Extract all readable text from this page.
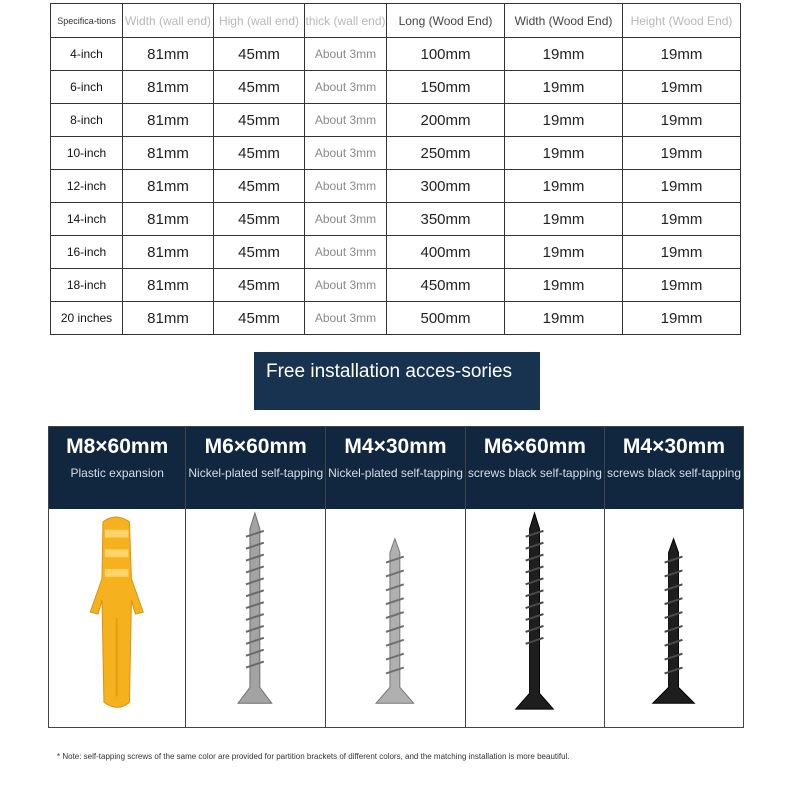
Specifica-tions	Width (wall end)	High (wall end)	thick (wall end)	Long (Wood End)	Width (Wood End)	Height (Wood End)
4-inch	81mm	45mm	About 3mm	100mm	19mm	19mm
6-inch	81mm	45mm	About 3mm	150mm	19mm	19mm
8-inch	81mm	45mm	About 3mm	200mm	19mm	19mm
10-inch	81mm	45mm	About 3mm	250mm	19mm	19mm
12-inch	81mm	45mm	About 3mm	300mm	19mm	19mm
14-inch	81mm	45mm	About 3mm	350mm	19mm	19mm
16-inch	81mm	45mm	About 3mm	400mm	19mm	19mm
18-inch	81mm	45mm	About 3mm	450mm	19mm	19mm
20 inches	81mm	45mm	About 3mm	500mm	19mm	19mm
Free installation acces-sories
M8×60mm
Plastic expansion
M6×60mm
Nickel-plated self-tapping
M4×30mm
Nickel-plated self-tapping
M6×60mm
screws black self-tapping
M4×30mm
screws black self-tapping
* Note: self-tapping screws of the same color are provided for partition brackets of different colors, and the matching installation is more beautiful.
